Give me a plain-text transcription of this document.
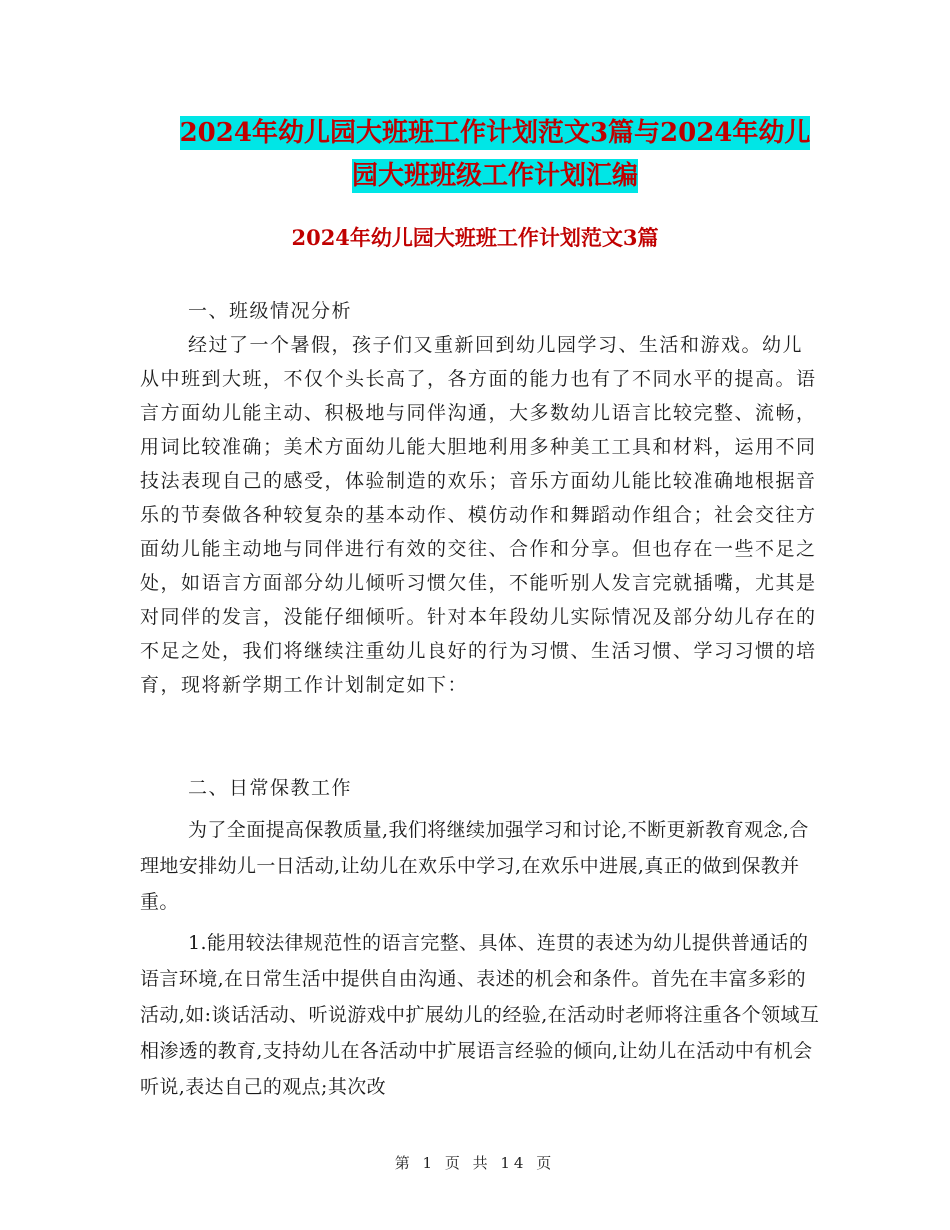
2024年幼儿园大班班工作计划范文3篇与2024年幼儿
园大班班级工作计划汇编
2024年幼儿园大班班工作计划范文3篇

一、班级情况分析

经过了一个暑假，孩子们又重新回到幼儿园学习、生活和游戏。幼儿从中班到大班，不仅个头长高了，各方面的能力也有了不同水平的提高。语言方面幼儿能主动、积极地与同伴沟通，大多数幼儿语言比较完整、流畅，用词比较准确；美术方面幼儿能大胆地利用多种美工工具和材料，运用不同技法表现自己的感受，体验制造的欢乐；音乐方面幼儿能比较准确地根据音乐的节奏做各种较复杂的基本动作、模仿动作和舞蹈动作组合；社会交往方面幼儿能主动地与同伴进行有效的交往、合作和分享。但也存在一些不足之处，如语言方面部分幼儿倾听习惯欠佳，不能听别人发言完就插嘴，尤其是对同伴的发言，没能仔细倾听。针对本年段幼儿实际情况及部分幼儿存在的不足之处，我们将继续注重幼儿良好的行为习惯、生活习惯、学习习惯的培育，现将新学期工作计划制定如下：

二、日常保教工作

为了全面提高保教质量,我们将继续加强学习和讨论,不断更新教育观念,合理地安排幼儿一日活动,让幼儿在欢乐中学习,在欢乐中进展,真正的做到保教并重。

1.能用较法律规范性的语言完整、具体、连贯的表述为幼儿提供普通话的语言环境,在日常生活中提供自由沟通、表述的机会和条件。首先在丰富多彩的活动,如:谈话活动、听说游戏中扩展幼儿的经验,在活动时老师将注重各个领域互相渗透的教育,支持幼儿在各活动中扩展语言经验的倾向,让幼儿在活动中有机会听说,表达自己的观点;其次改

第 1 页 共 14 页
